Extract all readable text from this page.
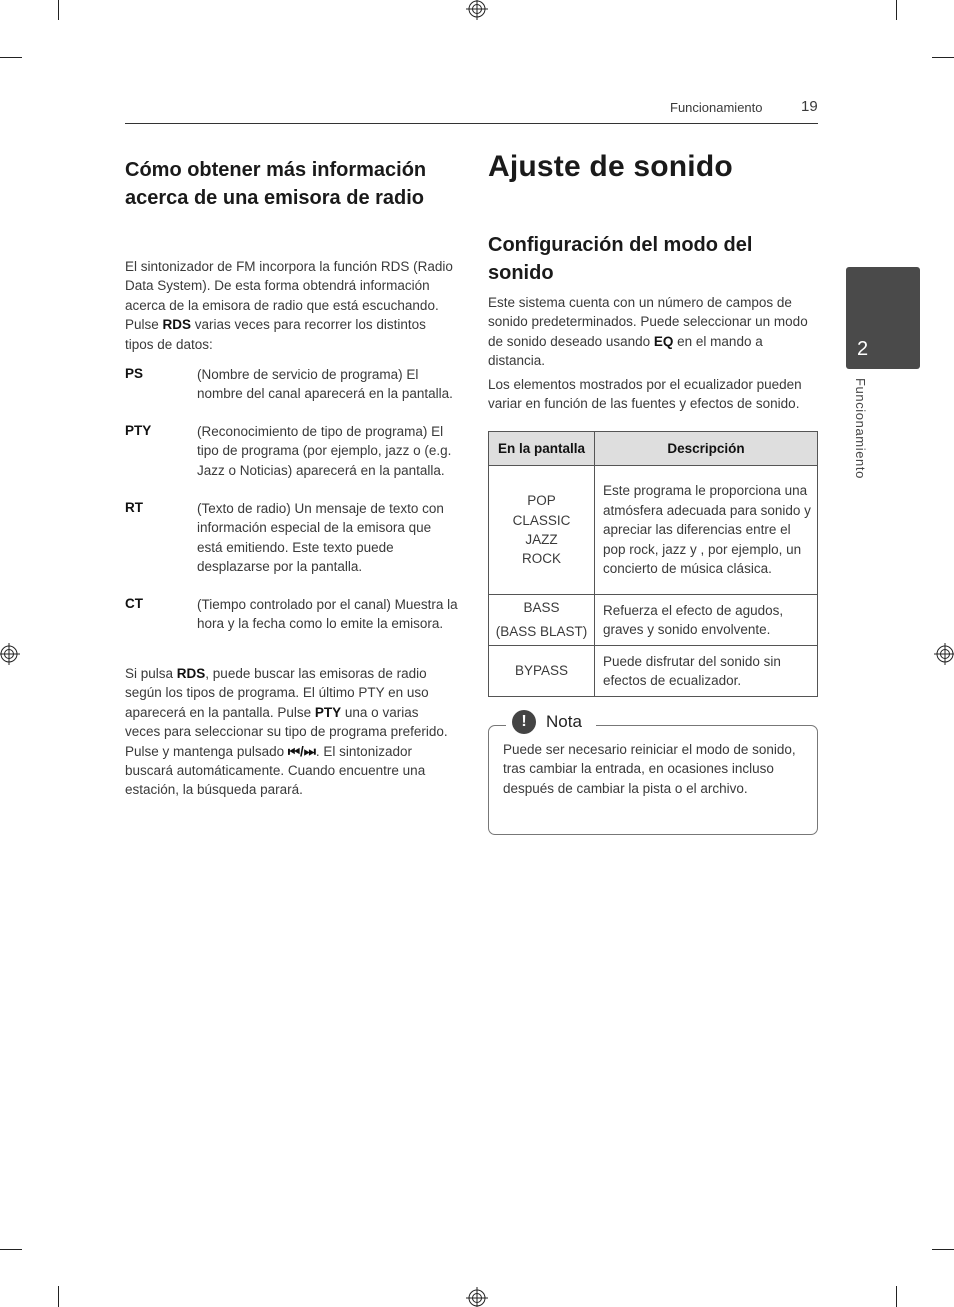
Funcionamiento	19
2
Funcionamiento
Cómo obtener más información acerca de una emisora de radio

El sintonizador de FM incorpora la función RDS (Radio Data System). De esta forma obtendrá información acerca de la emisora de radio que está escuchando. Pulse RDS varias veces para recorrer los distintos tipos de datos:

PS	(Nombre de servicio de programa) El nombre del canal aparecerá en la pantalla.
PTY	(Reconocimiento de tipo de programa) El tipo de programa (por ejemplo, jazz o (e.g. Jazz o Noticias) aparecerá en la pantalla.
RT	(Texto de radio) Un mensaje de texto con información especial de la emisora que está emitiendo. Este texto puede desplazarse por la pantalla.
CT	(Tiempo controlado por el canal) Muestra la hora y la fecha como lo emite la emisora.

Si pulsa RDS, puede buscar las emisoras de radio según los tipos de programa. El último PTY en uso aparecerá en la pantalla. Pulse PTY una o varias veces para seleccionar su tipo de programa preferido. Pulse y mantenga pulsado ⏮/⏭. El sintonizador buscará automáticamente. Cuando encuentre una estación, la búsqueda parará.

Ajuste de sonido
Configuración del modo del sonido

Este sistema cuenta con un número de campos de sonido predeterminados. Puede seleccionar un modo de sonido deseado usando EQ en el mando a distancia.

Los elementos mostrados por el ecualizador pueden variar en función de las fuentes y efectos de sonido.

En la pantalla	Descripción

POP
CLASSIC
JAZZ
ROCK	Este programa le proporciona una atmósfera adecuada para sonido y apreciar las diferencias entre el pop rock, jazz y , por ejemplo, un concierto de música clásica.

BASS
(BASS BLAST)	Refuerza el efecto de agudos, graves y sonido envolvente.

BYPASS	Puede disfrutar del sonido sin efectos de ecualizador.
!	Nota

Puede ser necesario reiniciar el modo de sonido, tras cambiar la entrada, en ocasiones incluso después de cambiar la pista o el archivo.
